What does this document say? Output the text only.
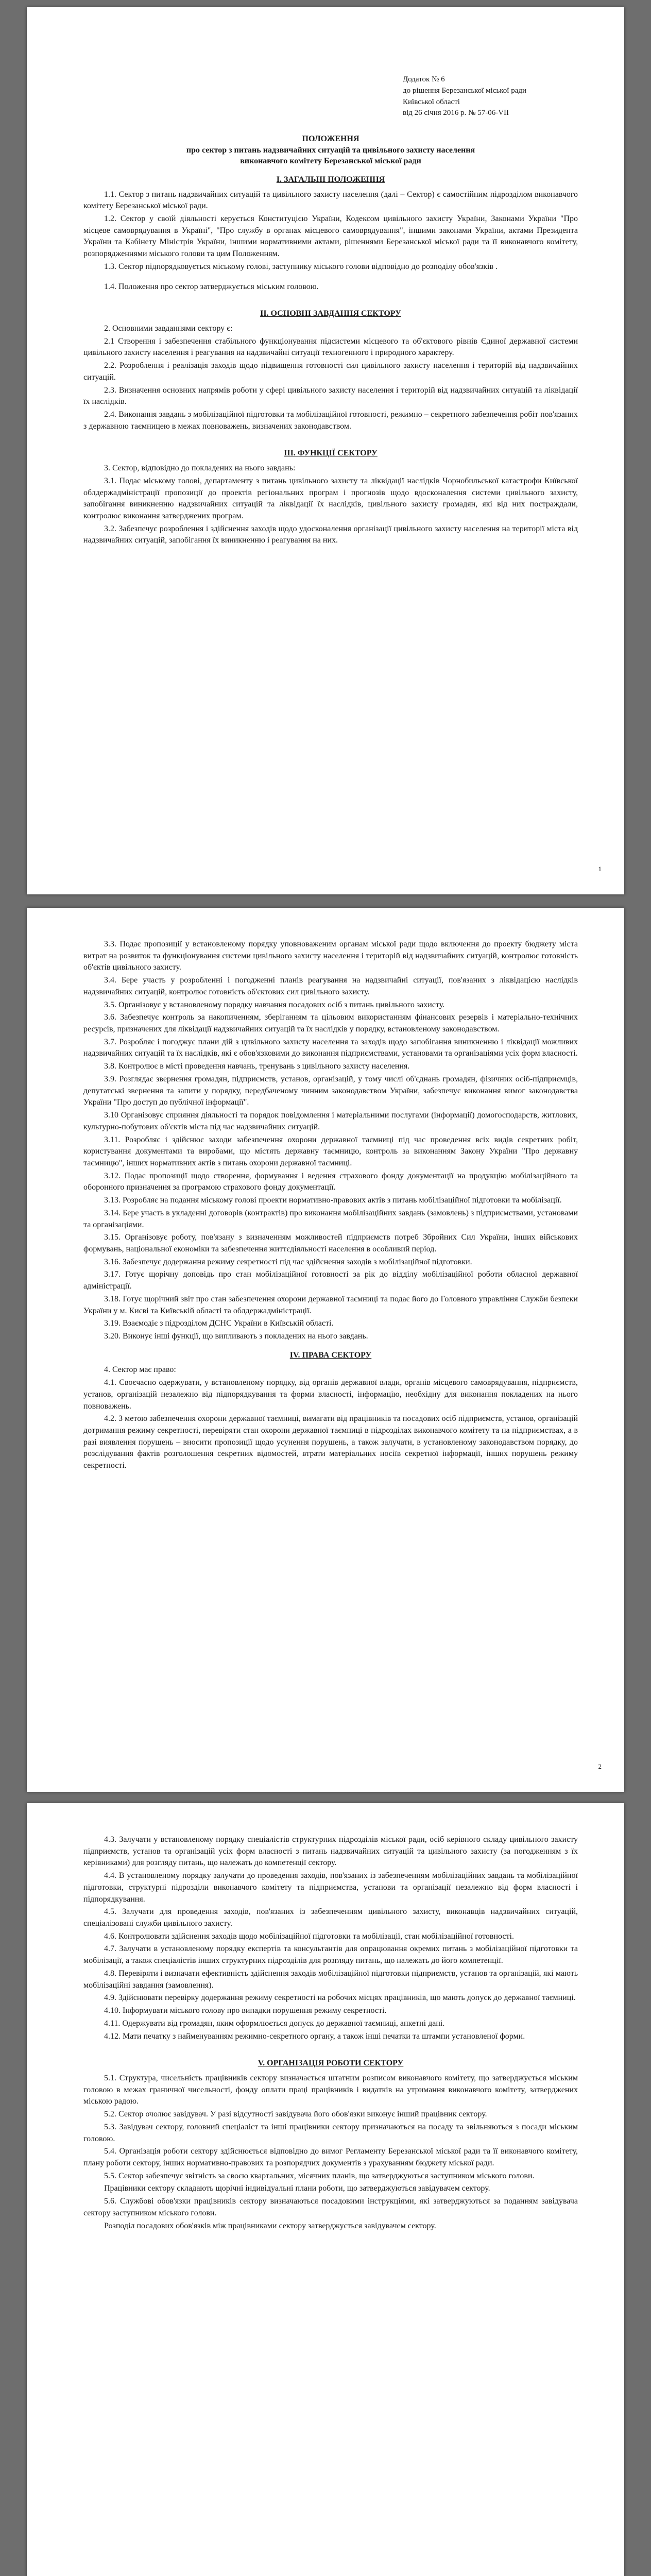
Додаток № 6
до рішення Березанської міської ради
Київської області
від 26 січня 2016 р. № 57-06-VІІ
ПОЛОЖЕННЯ
про сектор з питань надзвичайних ситуацій та цивільного захисту населення
виконавчого комітету Березанської міської ради
І. ЗАГАЛЬНІ ПОЛОЖЕННЯ

1.1. Сектор з питань надзвичайних ситуацій та цивільного захисту населення (далі – Сектор) є самостійним підрозділом виконавчого комітету Березанської міської ради.

1.2. Сектор у своїй діяльності керується Конституцією України, Кодексом цивільного захисту України, Законами України "Про місцеве самоврядування в Україні", "Про службу в органах місцевого самоврядування", іншими законами України, актами Президента України та Кабінету Міністрів України, іншими нормативними актами, рішеннями Березанської міської ради та її виконавчого комітету, розпорядженнями міського голови та цим Положенням.

1.3. Сектор підпорядковується міському голові, заступнику міського голови відповідно до розподілу обов'язків .

1.4. Положення про сектор затверджується міським головою.

ІІ. ОСНОВНІ ЗАВДАННЯ СЕКТОРУ

2. Основними завданнями сектору є:

2.1 Створення і забезпечення стабільного функціонування підсистеми місцевого та об'єктового рівнів Єдиної державної системи цивільного захисту населення і реагування на надзвичайні ситуації техногенного і природного характеру.

2.2. Розроблення і реалізація заходів щодо підвищення готовності сил цивільного захисту населення і територій від надзвичайних ситуацій.

2.3. Визначення основних напрямів роботи у сфері цивільного захисту населення і територій від надзвичайних ситуацій та ліквідації їх наслідків.

2.4. Виконання завдань з мобілізаційної підготовки та мобілізаційної готовності, режимно – секретного забезпечення робіт пов'язаних з державною таємницею в межах повноважень, визначених законодавством.

ІІІ. ФУНКЦІЇ СЕКТОРУ

3. Сектор, відповідно до покладених на нього завдань:

3.1. Подає міському голові, департаменту з питань цивільного захисту та ліквідації наслідків Чорнобильської катастрофи Київської облдержадміністрації пропозиції до проектів регіональних програм і прогнозів щодо вдосконалення системи цивільного захисту, запобігання виникненню надзвичайних ситуацій та ліквідації їх наслідків, цивільного захисту громадян, які від них постраждали, контролює виконання затверджених програм.

3.2. Забезпечує розроблення і здійснення заходів щодо удосконалення організації цивільного захисту населення на території міста від надзвичайних ситуацій, запобігання їх виникненню і реагування на них.

1

3.3. Подає пропозиції у встановленому порядку уповноваженим органам міської ради щодо включення до проекту бюджету міста витрат на розвиток та функціонування системи цивільного захисту населення і територій від надзвичайних ситуацій, контролює готовність об'єктів цивільного захисту.

3.4. Бере участь у розробленні і погодженні планів реагування на надзвичайні ситуації, пов'язаних з ліквідацією наслідків надзвичайних ситуацій, контролює готовність об'єктових сил цивільного захисту.

3.5. Організовує у встановленому порядку навчання посадових осіб з питань цивільного захисту.

3.6. Забезпечує контроль за накопиченням, зберіганням та цільовим використанням фінансових резервів і матеріально-технічних ресурсів, призначених для ліквідації надзвичайних ситуацій та їх наслідків у порядку, встановленому законодавством.

3.7. Розробляє і погоджує плани дій з цивільного захисту населення та заходів щодо запобігання виникненню і ліквідації можливих надзвичайних ситуацій та їх наслідків, які є обов'язковими до виконання підприємствами, установами та організаціями усіх форм власності.

3.8. Контролює в місті проведення навчань, тренувань з цивільного захисту населення.

3.9. Розглядає звернення громадян, підприємств, установ, організацій, у тому числі об'єднань громадян, фізичних осіб-підприємців, депутатські звернення та запити у порядку, передбаченому чинним законодавством України, забезпечує виконання вимог законодавства України "Про доступ до публічної інформації".

3.10 Організовує сприяння діяльності та порядок повідомлення і матеріальними послугами (інформації) домогосподарств, житлових, культурно-побутових об'єктів міста під час надзвичайних ситуацій.

3.11. Розробляє і здійснює заходи забезпечення охорони державної таємниці під час проведення всіх видів секретних робіт, користування документами та виробами, що містять державну таємницю, контроль за виконанням Закону України "Про державну таємницю", інших нормативних актів з питань охорони державної таємниці.

3.12. Подає пропозиції щодо створення, формування і ведення страхового фонду документації на продукцію мобілізаційного та оборонного призначення за програмою страхового фонду документації.

3.13. Розробляє на подання міському голові проекти нормативно-правових актів з питань мобілізаційної підготовки та мобілізації.

3.14. Бере участь в укладенні договорів (контрактів) про виконання мобілізаційних завдань (замовлень) з підприємствами, установами та організаціями.

3.15. Організовує роботу, пов'язану з визначенням можливостей підприємств потреб Збройних Сил України, інших військових формувань, національної економіки та забезпечення життєдіяльності населення в особливий період.

3.16. Забезпечує додержання режиму секретності під час здійснення заходів з мобілізаційної підготовки.

3.17. Готує щорічну доповідь про стан мобілізаційної готовності за рік до відділу мобілізаційної роботи обласної державної адміністрації.

3.18. Готує щорічний звіт про стан забезпечення охорони державної таємниці та подає його до Головного управління Служби безпеки України у м. Києві та Київській області та облдержадміністрації.

3.19. Взаємодіє з підрозділом ДСНС України в Київській області.

3.20. Виконує інші функції, що випливають з покладених на нього завдань.

ІV. ПРАВА СЕКТОРУ

4. Сектор має право:

4.1. Своєчасно одержувати, у встановленому порядку, від органів державної влади, органів місцевого самоврядування, підприємств, установ, організацій незалежно від підпорядкування та форми власності, інформацію, необхідну для виконання покладених на нього повноважень.

4.2. З метою забезпечення охорони державної таємниці, вимагати від працівників та посадових осіб підприємств, установ, організацій дотримання режиму секретності, перевіряти стан охорони державної таємниці в підрозділах виконавчого комітету та на підприємствах, а в разі виявлення порушень – вносити пропозиції щодо усунення порушень, а також залучати, в установленому законодавством порядку, до розслідування фактів розголошення секретних відомостей, втрати матеріальних носіїв секретної інформації, інших порушень режиму секретності.

2

4.3. Залучати у встановленому порядку спеціалістів структурних підрозділів міської ради, осіб керівного складу цивільного захисту підприємств, установ та організацій усіх форм власності з питань надзвичайних ситуацій та цивільного захисту (за погодженням з їх керівниками) для розгляду питань, що належать до компетенції сектору.

4.4. В установленому порядку залучати до проведення заходів, пов'язаних із забезпеченням мобілізаційних завдань та мобілізаційної підготовки, структурні підрозділи виконавчого комітету та підприємства, установи та організації незалежно від форм власності і підпорядкування.

4.5. Залучати для проведення заходів, пов'язаних із забезпеченням цивільного захисту, виконавців надзвичайних ситуацій, спеціалізовані служби цивільного захисту.

4.6. Контролювати здійснення заходів щодо мобілізаційної підготовки та мобілізації, стан мобілізаційної готовності.

4.7. Залучати в установленому порядку експертів та консультантів для опрацювання окремих питань з мобілізаційної підготовки та мобілізації, а також спеціалістів інших структурних підрозділів для розгляду питань, що належать до його компетенції.

4.8. Перевіряти і визначати ефективність здійснення заходів мобілізаційної підготовки підприємств, установ та організацій, які мають мобілізаційні завдання (замовлення).

4.9. Здійснювати перевірку додержання режиму секретності на робочих місцях працівників, що мають допуск до державної таємниці.

4.10. Інформувати міського голову про випадки порушення режиму секретності.

4.11. Одержувати від громадян, яким оформлюється допуск до державної таємниці, анкетні дані.

4.12. Мати печатку з найменуванням режимно-секретного органу, а також інші печатки та штампи установленої форми.

V. ОРГАНІЗАЦІЯ РОБОТИ СЕКТОРУ

5.1. Структура, чисельність працівників сектору визначається штатним розписом виконавчого комітету, що затверджується міським головою в межах граничної чисельності, фонду оплати праці працівників і видатків на утримання виконавчого комітету, затверджених міською радою.

5.2. Сектор очолює завідувач. У разі відсутності завідувача його обов'язки виконує інший працівник сектору.

5.3. Завідувач сектору, головний спеціаліст та інші працівники сектору призначаються на посаду та звільняються з посади міським головою.

5.4. Організація роботи сектору здійснюється відповідно до вимог Регламенту Березанської міської ради та її виконавчого комітету, плану роботи сектору, інших нормативно-правових та розпорядчих документів з урахуванням бюджету міської ради.

5.5. Сектор забезпечує звітність за своєю квартальних, місячних планів, що затверджуються заступником міського голови.

Працівники сектору складають щорічні індивідуальні плани роботи, що затверджуються завідувачем сектору.

5.6. Службові обов'язки працівників сектору визначаються посадовими інструкціями, які затверджуються за поданням завідувача сектору заступником міського голови.

Розподіл посадових обов'язків між працівниками сектору затверджується завідувачем сектору.
